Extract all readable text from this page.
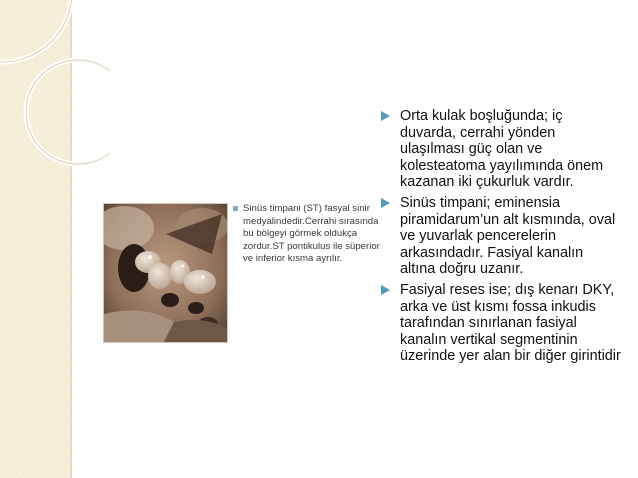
Sinüs timpani (ST) fasyal sinir medyalindedir.Cerrahi sırasında bu bölgeyi görmek oldukça zordur.ST pontikulus ile süperior ve inferior kısma ayrılır.
Orta kulak boşluğunda; iç duvarda, cerrahi yönden ulaşılması güç olan ve kolesteatoma yayılımında önem kazanan iki çukurluk vardır.
Sinüs timpani; eminensia piramidarum’un alt kısmında, oval ve yuvarlak pencerelerin arkasındadır. Fasiyal kanalın altına doğru uzanır.
Fasiyal reses ise; dış kenarı DKY, arka ve üst kısmı fossa inkudis tarafından sınırlanan fasiyal kanalın vertikal segmentinin üzerinde yer alan bir diğer girintidir
